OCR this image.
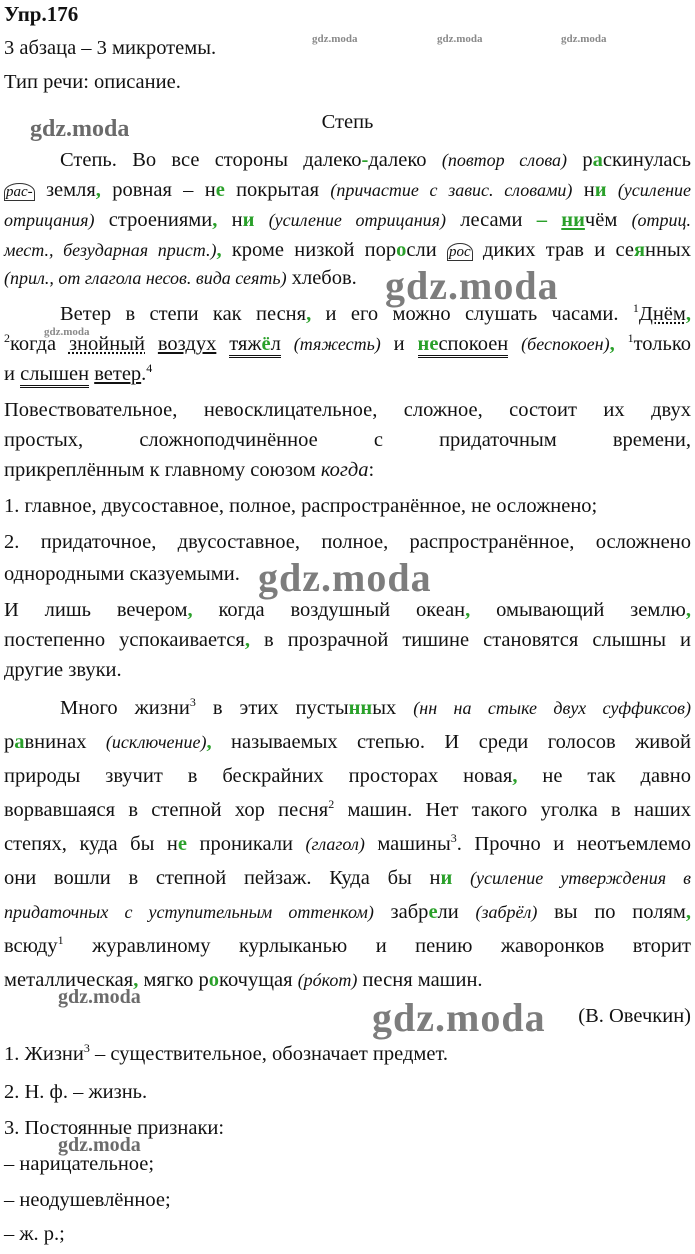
Упр.176
3 абзаца – 3 микротемы.
Тип речи: описание.
Степь
Степь. Во все стороны далеко-далеко (повтор слова) раскинулась
рас- земля, ровная – не покрытая (причастие с завис. словами) ни (усиление
отрицания) строениями, ни (усиление отрицания) лесами – ничём (отриц.
мест., безударная прист.), кроме низкой поросли рос диких трав и сеянных
(прил., от глагола несов. вида сеять) хлебов.
Ветер в степи как песня, и его можно слушать часами. $^1$Днём,
$^2$когда знойный воздух тяжёл (тяжесть) и неспокоен (беспокоен), $^1$только
и слышен ветер.$^4$
Повествовательное, невосклицательное, сложное, состоит их двух
простых, сложноподчинённое с придаточным времени,
прикреплённым к главному союзом когда:
1. главное, двусоставное, полное, распространённое, не осложнено;
2. придаточное, двусоставное, полное, распространённое, осложнено
однородными сказуемыми.
И лишь вечером, когда воздушный океан, омывающий землю,
постепенно успокаивается, в прозрачной тишине становятся слышны и
другие звуки.
Много жизни$^3$ в этих пустынных (нн на стыке двух суффиксов)
равнинах (исключение), называемых степью. И среди голосов живой
природы звучит в бескрайних просторах новая, не так давно
ворвавшаяся в степной хор песня$^2$ машин. Нет такого уголка в наших
степях, куда бы не проникали (глагол) машины$^3$. Прочно и неотъемлемо
они вошли в степной пейзаж. Куда бы ни (усиление утверждения в
придаточных с уступительным оттенком) забрели (забрёл) вы по полям,
всюду$^1$ журавлиному курлыканью и пению жаворонков вторит
металлическая, мягко рокочущая (рóкот) песня машин.
(В. Овечкин)
1. Жизни$^3$ – существительное, обозначает предмет.
2. Н. ф. – жизнь.
3. Постоянные признаки:
– нарицательное;
– неодушевлённое;
– ж. р.;
gdz.moda	gdz.moda	gdz.moda
gdz.moda
gdz.moda
gdz.moda
gdz.moda
gdz.moda	gdz.moda
gdz.moda
